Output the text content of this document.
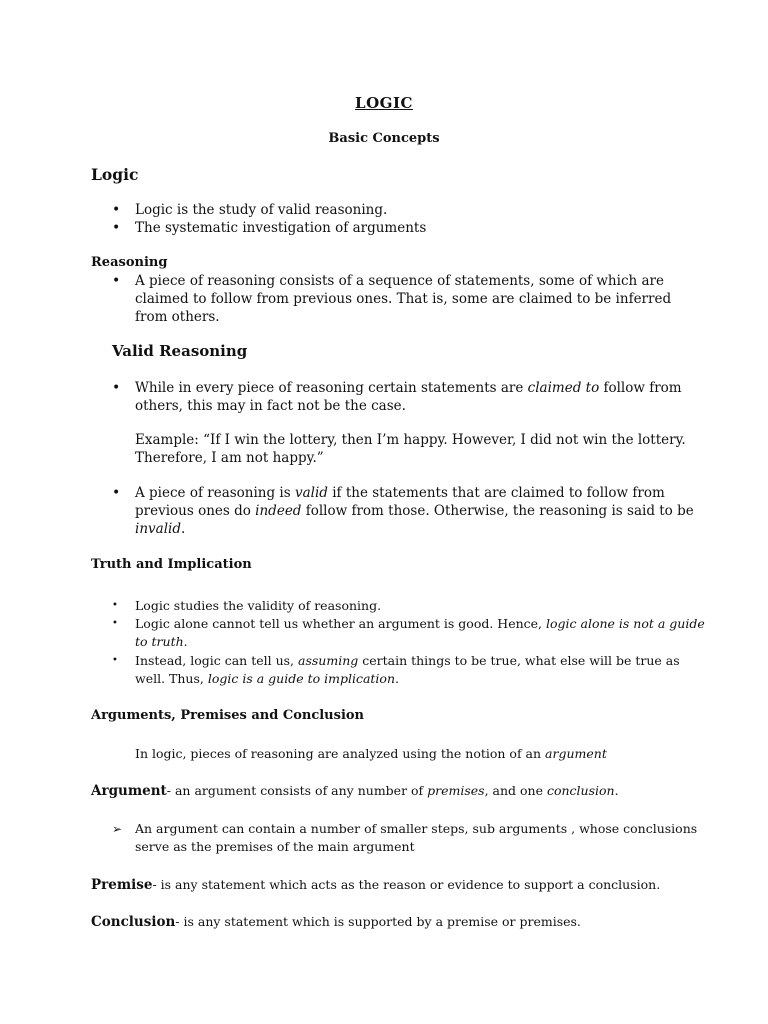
LOGIC
Basic Concepts
Logic
• Logic is the study of valid reasoning.
• The systematic investigation of arguments
Reasoning
• A piece of reasoning consists of a sequence of statements, some of which are
claimed to follow from previous ones. That is, some are claimed to be inferred
from others.
Valid Reasoning
• While in every piece of reasoning certain statements are claimed to follow from
others, this may in fact not be the case.
Example: “If I win the lottery, then I’m happy. However, I did not win the lottery.
Therefore, I am not happy.”
• A piece of reasoning is valid if the statements that are claimed to follow from
previous ones do indeed follow from those. Otherwise, the reasoning is said to be
invalid.
Truth and Implication
• Logic studies the validity of reasoning.
• Logic alone cannot tell us whether an argument is good. Hence, logic alone is not a guide
to truth.
• Instead, logic can tell us, assuming certain things to be true, what else will be true as
well. Thus, logic is a guide to implication.
Arguments, Premises and Conclusion
In logic, pieces of reasoning are analyzed using the notion of an argument
Argument- an argument consists of any number of premises, and one conclusion.
➢ An argument can contain a number of smaller steps, sub arguments , whose conclusions
serve as the premises of the main argument
Premise- is any statement which acts as the reason or evidence to support a conclusion.
Conclusion- is any statement which is supported by a premise or premises.
